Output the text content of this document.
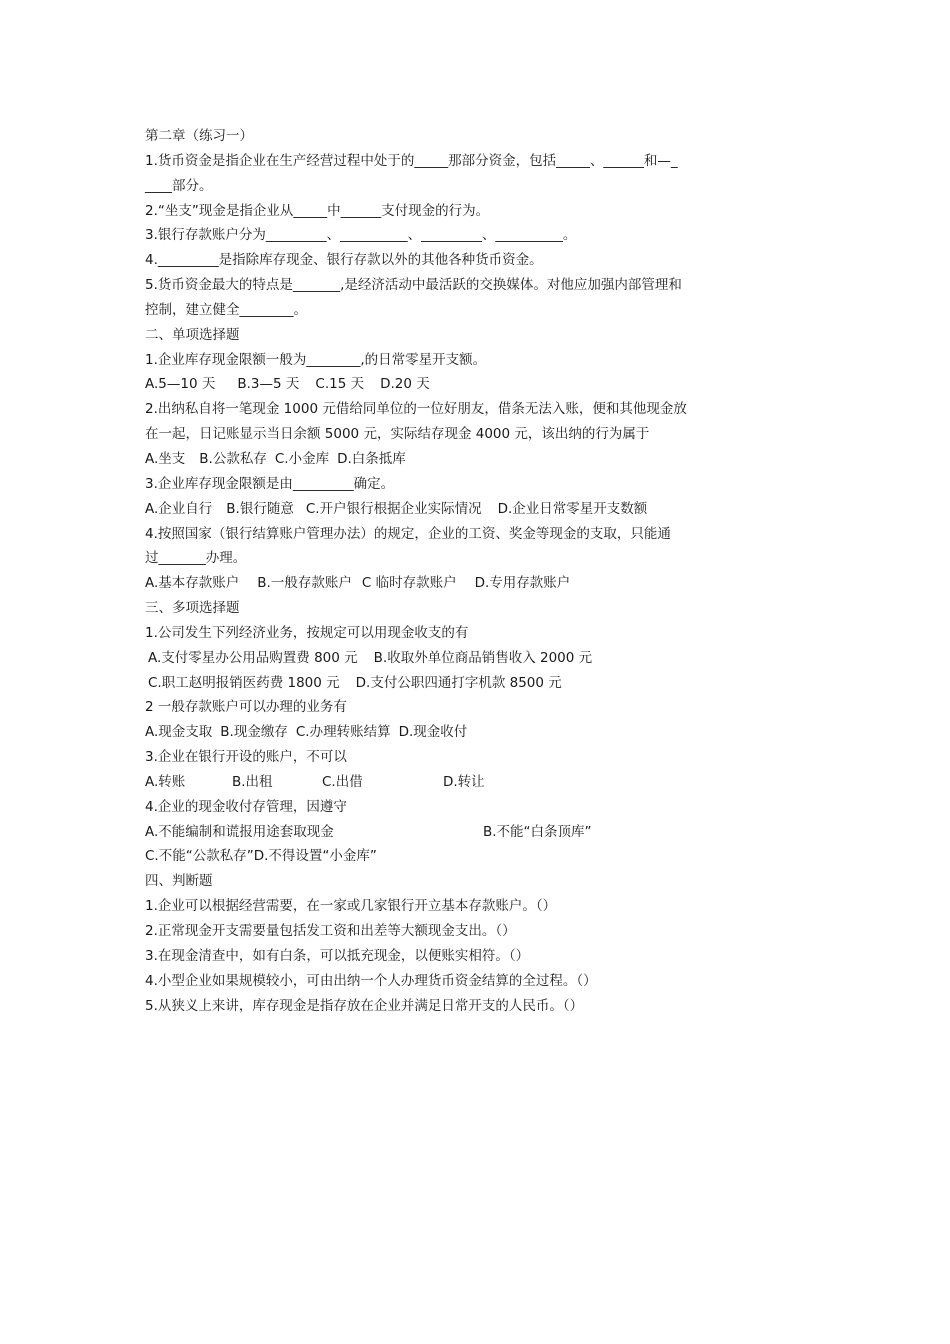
第二章（练习一）
1.货币资金是指企业在生产经营过程中处于的_____那部分资金，包括_____、______和—_
____部分。
2.“坐支”现金是指企业从_____中______支付现金的行为。
3.银行存款账户分为_________、__________、_________、__________。
4._________是指除库存现金、银行存款以外的其他各种货币资金。
5.货币资金最大的特点是_______,是经济活动中最活跃的交换媒体。对他应加强内部管理和
控制，建立健全________。
二、单项选择题
1.企业库存现金限额一般为________,的日常零星开支额。
A.5—10 天 B.3—5 天 C.15 天 D.20 天
2.出纳私自将一笔现金 1000 元借给同单位的一位好朋友，借条无法入账，便和其他现金放
在一起，日记账显示当日余额 5000 元，实际结存现金 4000 元，该出纳的行为属于
A.坐支 B.公款私存 C.小金库 D.白条抵库
3.企业库存现金限额是由_________确定。
A.企业自行 B.银行随意 C.开户银行根据企业实际情况 D.企业日常零星开支数额
4.按照国家（银行结算账户管理办法）的规定，企业的工资、奖金等现金的支取，只能通
过_______办理。
A.基本存款账户 B.一般存款账户 C 临时存款账户 D.专用存款账户
三、多项选择题
1.公司发生下列经济业务，按规定可以用现金收支的有
A.支付零星办公用品购置费 800 元 B.收取外单位商品销售收入 2000 元
C.职工赵明报销医药费 1800 元 D.支付公职四通打字机款 8500 元
2 一般存款账户可以办理的业务有
A.现金支取 B.现金缴存 C.办理转账结算 D.现金收付
3.企业在银行开设的账户，不可以
A.转账	B.出租	C.出借	D.转让
4.企业的现金收付存管理，因遵守
A.不能编制和谎报用途套取现金	B.不能“白条顶库”
C.不能“公款私存”D.不得设置“小金库”
四、判断题
1.企业可以根据经营需要，在一家或几家银行开立基本存款账户。（）
2.正常现金开支需要量包括发工资和出差等大额现金支出。（）
3.在现金清查中，如有白条，可以抵充现金，以便账实相符。（）
4.小型企业如果规模较小，可由出纳一个人办理货币资金结算的全过程。（）
5.从狭义上来讲，库存现金是指存放在企业并满足日常开支的人民币。（）
